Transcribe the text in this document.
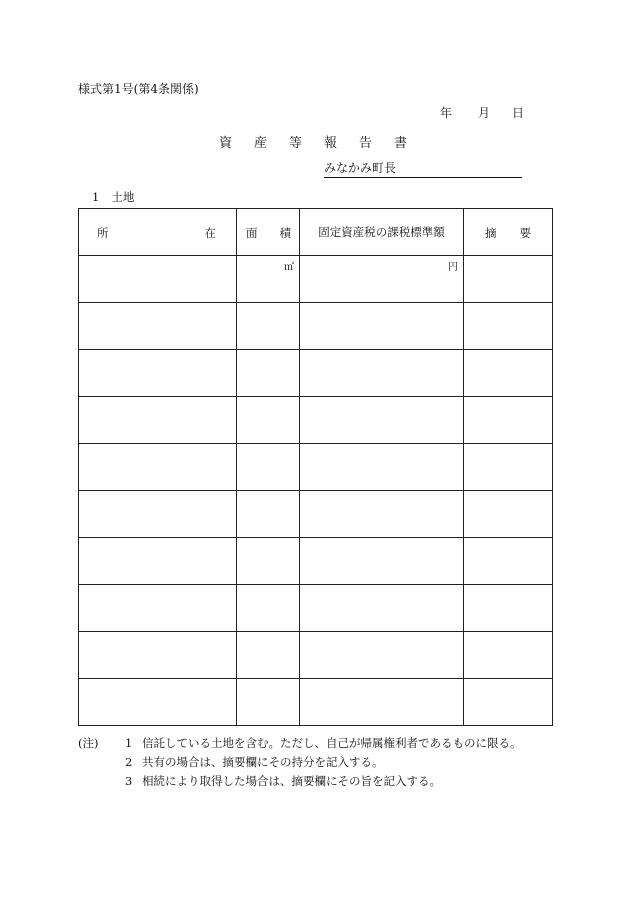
様式第1号(第4条関係)
年 月 日
資 産 等 報 告 書
みなかみ町長
1 土地
所 在	面 積	固定資産税の課税標準額	摘 要

	㎡	円	

(注) 1 信託している土地を含む。ただし、自己が帰属権利者であるものに限る。
2 共有の場合は、摘要欄にその持分を記入する。
3 相続により取得した場合は、摘要欄にその旨を記入する。
